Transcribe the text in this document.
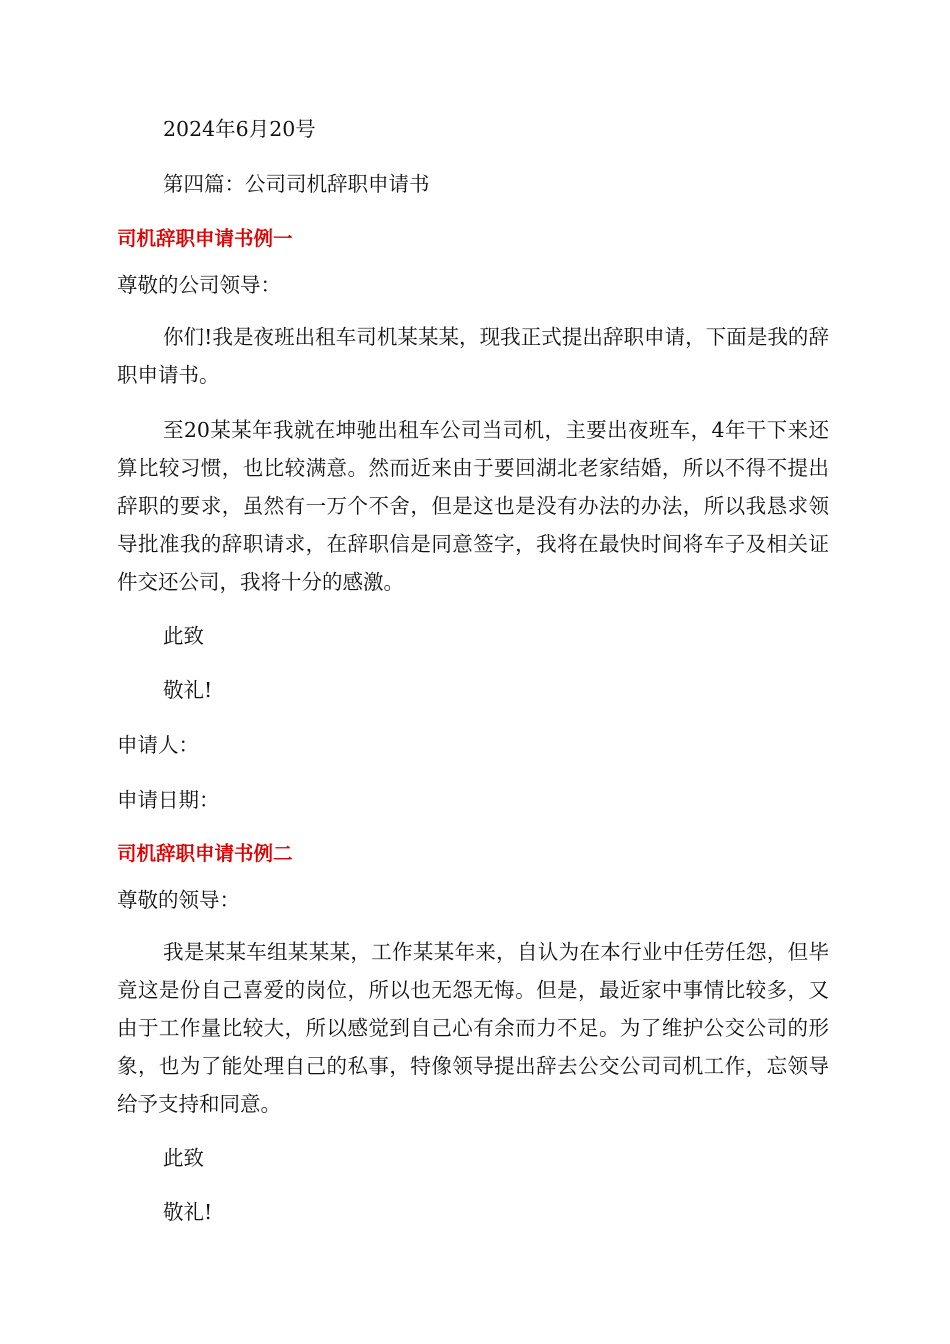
2024年6月20号
第四篇：公司司机辞职申请书
司机辞职申请书例一
尊敬的公司领导：
你们!我是夜班出租车司机某某某，现我正式提出辞职申请，下面是我的辞职申请书。
至20某某年我就在坤驰出租车公司当司机，主要出夜班车，4年干下来还算比较习惯，也比较满意。然而近来由于要回湖北老家结婚，所以不得不提出辞职的要求，虽然有一万个不舍，但是这也是没有办法的办法，所以我恳求领导批准我的辞职请求，在辞职信是同意签字，我将在最快时间将车子及相关证件交还公司，我将十分的感激。
此致
敬礼!
申请人：
申请日期：
司机辞职申请书例二
尊敬的领导：
我是某某车组某某某，工作某某年来，自认为在本行业中任劳任怨，但毕竟这是份自己喜爱的岗位，所以也无怨无悔。但是，最近家中事情比较多，又由于工作量比较大，所以感觉到自己心有余而力不足。为了维护公交公司的形象，也为了能处理自己的私事，特像领导提出辞去公交公司司机工作，忘领导给予支持和同意。
此致
敬礼!
